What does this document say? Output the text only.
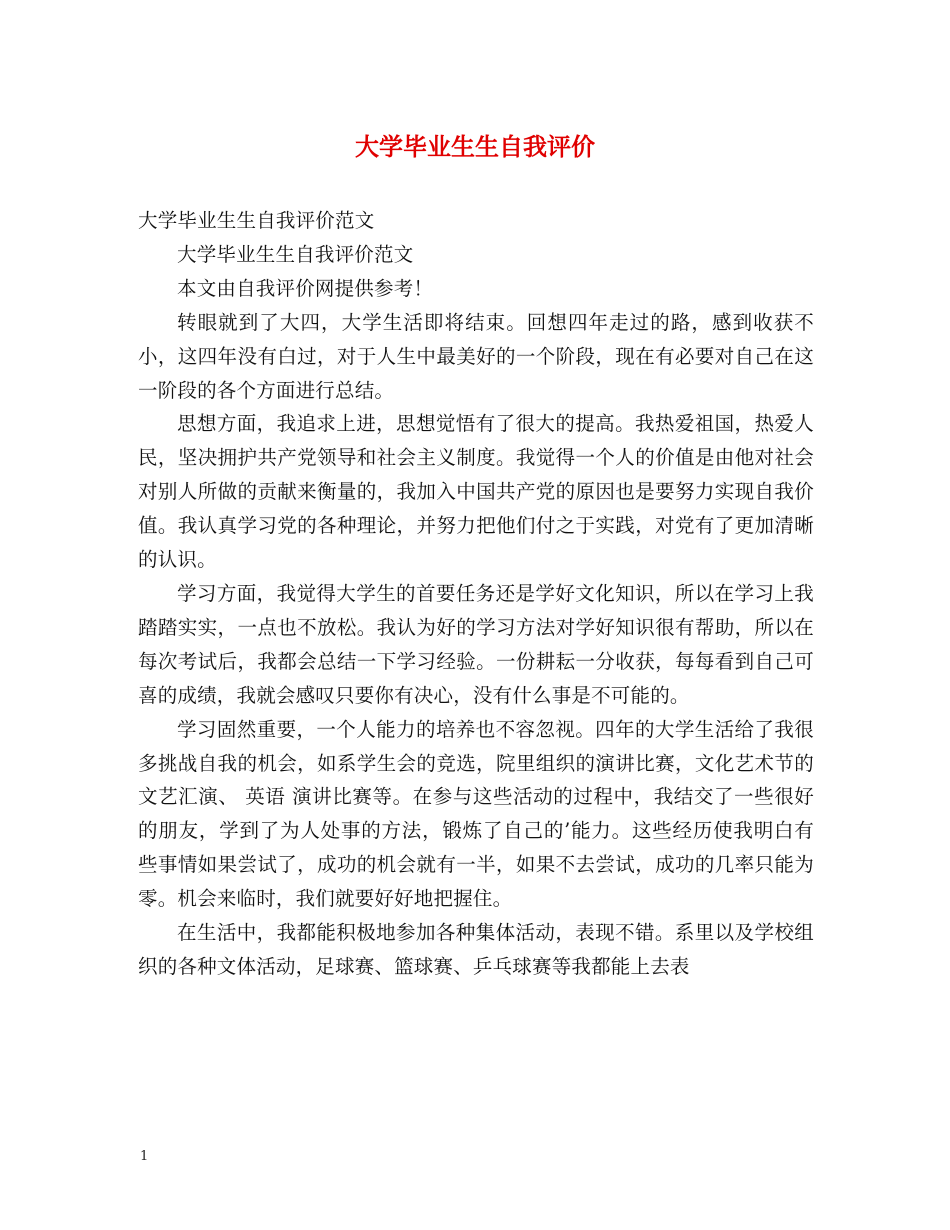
大学毕业生生自我评价

大学毕业生生自我评价范文

大学毕业生生自我评价范文

本文由自我评价网提供参考！

转眼就到了大四，大学生活即将结束。回想四年走过的路，感到收获不小，这四年没有白过，对于人生中最美好的一个阶段，现在有必要对自己在这一阶段的各个方面进行总结。

思想方面，我追求上进，思想觉悟有了很大的提高。我热爱祖国，热爱人民，坚决拥护共产党领导和社会主义制度。我觉得一个人的价值是由他对社会对别人所做的贡献来衡量的，我加入中国共产党的原因也是要努力实现自我价值。我认真学习党的各种理论，并努力把他们付之于实践，对党有了更加清晰的认识。

学习方面，我觉得大学生的首要任务还是学好文化知识，所以在学习上我踏踏实实，一点也不放松。我认为好的学习方法对学好知识很有帮助，所以在每次考试后，我都会总结一下学习经验。一份耕耘一分收获，每每看到自己可喜的成绩，我就会感叹只要你有决心，没有什么事是不可能的。

学习固然重要，一个人能力的培养也不容忽视。四年的大学生活给了我很多挑战自我的机会，如系学生会的竞选，院里组织的演讲比赛，文化艺术节的文艺汇演、 英语 演讲比赛等。在参与这些活动的过程中，我结交了一些很好的朋友，学到了为人处事的方法，锻炼了自己的’能力。这些经历使我明白有些事情如果尝试了，成功的机会就有一半，如果不去尝试，成功的几率只能为零。机会来临时，我们就要好好地把握住。

在生活中，我都能积极地参加各种集体活动，表现不错。系里以及学校组织的各种文体活动，足球赛、篮球赛、乒乓球赛等我都能上去表

1
